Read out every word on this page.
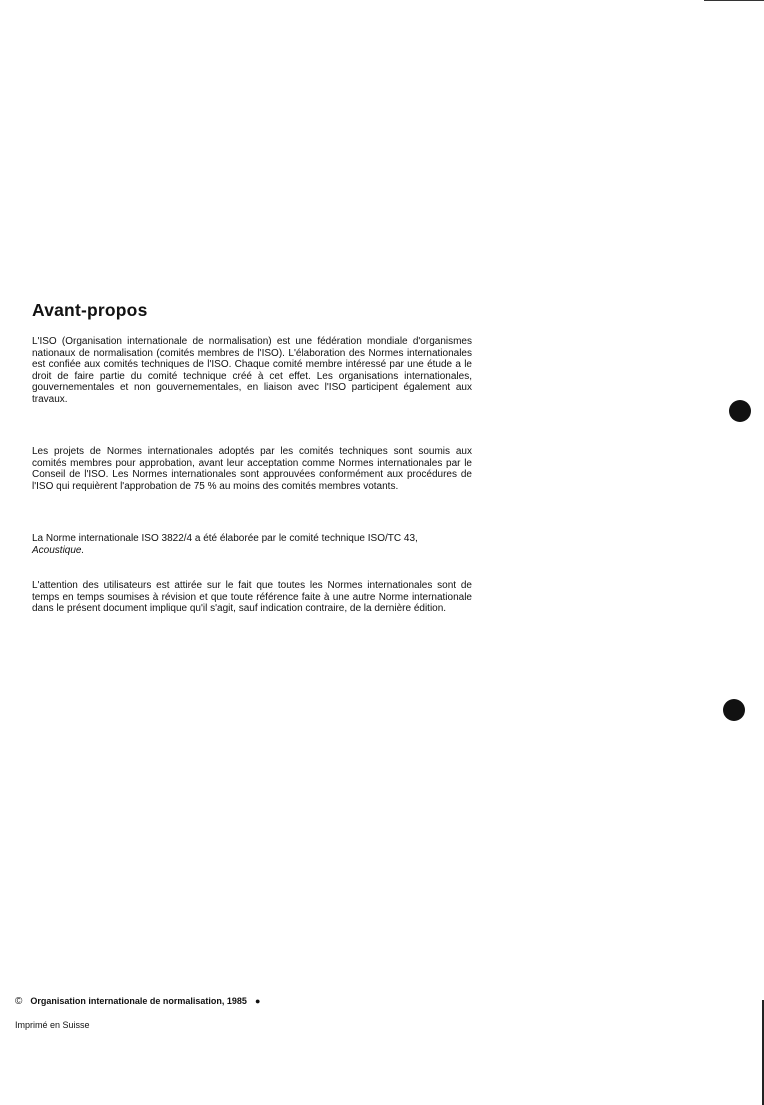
Avant-propos

L'ISO (Organisation internationale de normalisation) est une fédération mondiale d'organismes nationaux de normalisation (comités membres de l'ISO). L'élaboration des Normes internationales est confiée aux comités techniques de l'ISO. Chaque comité membre intéressé par une étude a le droit de faire partie du comité technique créé à cet effet. Les organisations internationales, gouvernementales et non gouvernementales, en liaison avec l'ISO participent également aux travaux.

Les projets de Normes internationales adoptés par les comités techniques sont soumis aux comités membres pour approbation, avant leur acceptation comme Normes internationales par le Conseil de l'ISO. Les Normes internationales sont approuvées conformément aux procédures de l'ISO qui requièrent l'approbation de 75 % au moins des comités membres votants.

La Norme internationale ISO 3822/4 a été élaborée par le comité technique ISO/TC 43,
Acoustique.

L'attention des utilisateurs est attirée sur le fait que toutes les Normes internationales sont de temps en temps soumises à révision et que toute référence faite à une autre Norme internationale dans le présent document implique qu'il s'agit, sauf indication contraire, de la dernière édition.

© Organisation internationale de normalisation, 1985 ●
Imprimé en Suisse
